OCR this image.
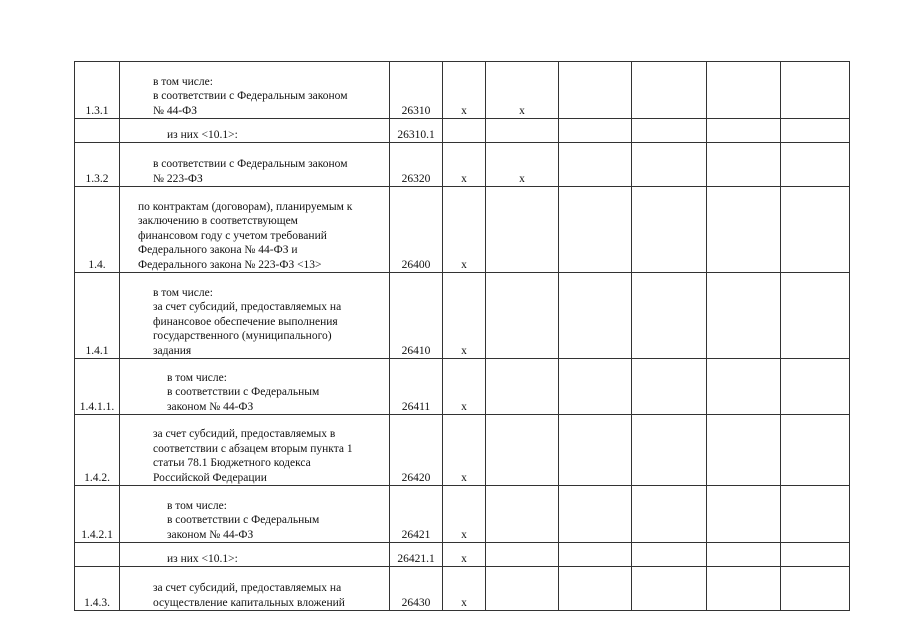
1.3.1	в том числе:
в соответствии с Федеральным законом
№ 44-ФЗ	26310	x	x				

	из них <10.1>:	26310.1						
1.3.2	в соответствии с Федеральным законом
№ 223-ФЗ	26320	x	x				
1.4.	по контрактам (договорам), планируемым к
заключению в соответствующем
финансовом году с учетом требований
Федерального закона № 44-ФЗ и
Федерального закона № 223-ФЗ <13>	26400	x					
1.4.1	в том числе:
за счет субсидий, предоставляемых на
финансовое обеспечение выполнения
государственного (муниципального)
задания	26410	x					
1.4.1.1.	в том числе:
в соответствии с Федеральным
законом № 44-ФЗ	26411	x					
1.4.2.	за счет субсидий, предоставляемых в
соответствии с абзацем вторым пункта 1
статьи 78.1 Бюджетного кодекса
Российской Федерации	26420	x					
1.4.2.1	в том числе:
в соответствии с Федеральным
законом № 44-ФЗ	26421	x					

	из них <10.1>:	26421.1	x					
1.4.3.	за счет субсидий, предоставляемых на
осуществление капитальных вложений	26430	x					
